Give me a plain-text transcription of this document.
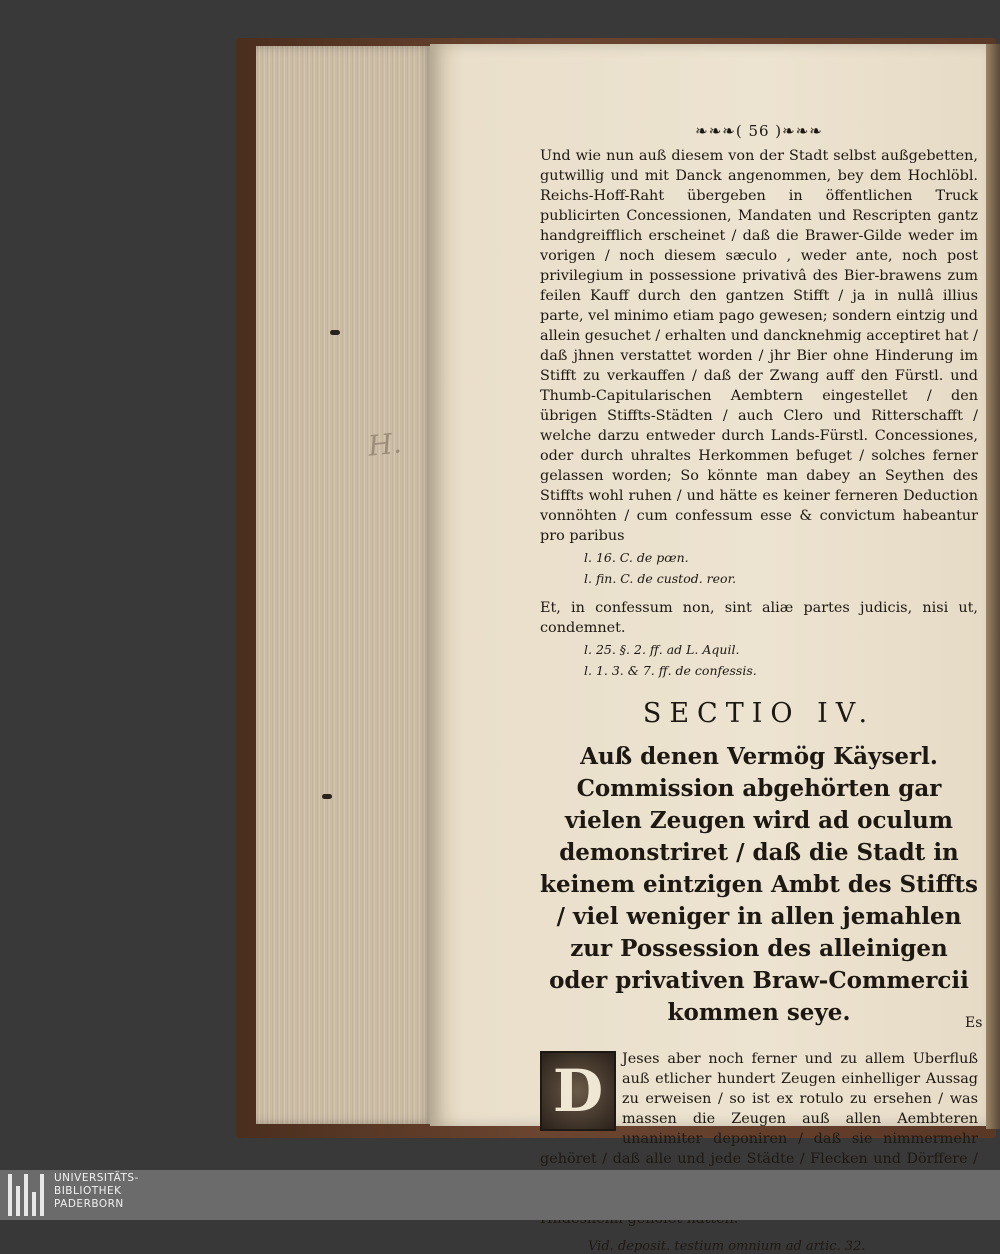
H.
❧❧❧( 56 )❧❧❧

Und wie nun auß diesem von der Stadt selbst außgebetten, gutwillig und mit Danck angenommen, bey dem Hochlöbl. Reichs-Hoff-Raht übergeben in öffentlichen Truck publicirten Concessionen, Mandaten und Rescripten gantz handgreifflich erscheinet / daß die Brawer-Gilde weder im vorigen / noch diesem sæculo , weder ante, noch post privilegium in possessione privativâ des Bier-brawens zum feilen Kauff durch den gantzen Stifft / ja in nullâ illius parte, vel minimo etiam pago gewesen; sondern eintzig und allein gesuchet / erhalten und dancknehmig acceptiret hat / daß jhnen verstattet worden / jhr Bier ohne Hinderung im Stifft zu verkauffen / daß der Zwang auff den Fürstl. und Thumb-Capitularischen Aembtern eingestellet / den übrigen Stiffts-Städten / auch Clero und Ritterschafft / welche darzu entweder durch Lands-Fürstl. Concessiones, oder durch uhraltes Herkommen befuget / solches ferner gelassen worden; So könnte man dabey an Seythen des Stiffts wohl ruhen / und hätte es keiner ferneren Deduction vonnöhten / cum confessum esse & convictum habeantur pro paribus

l. 16. C. de pœn.
l. fin. C. de custod. reor.

Et, in confessum non, sint aliæ partes judicis, nisi ut, condemnet.

l. 25. §. 2. ff. ad L. Aquil.
l. 1. 3. & 7. ff. de confessis.
SECTIO IV.
Auß denen Vermög Käyserl. Commission abgehörten gar vielen Zeugen wird ad oculum demonstriret / daß die Stadt in keinem eintzigen Ambt des Stiffts / viel weniger in allen jemahlen zur Possession des alleinigen oder privativen Braw-Commercii kommen seye.
D	Jeses aber noch ferner und zu allem Uberfluß auß etlicher hundert Zeugen einhelliger Aussag zu erweisen / so ist ex rotulo zu ersehen / was massen die Zeugen auß allen Aembteren unanimiter deponiren / daß sie nimmermehr gehöret / daß alle und jede Städte / Flecken und Dörffere /

Vid. deposit. testium omnium ad artic. 32.
Es
UNIVERSITÄTS-
BIBLIOTHEK
PADERBORN
